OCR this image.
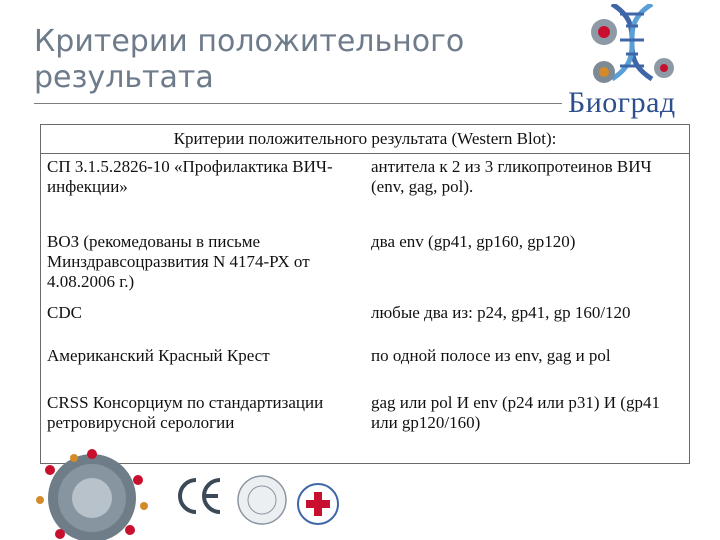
Критерии положительного результата
Биоград
Критерии положительного результата (Western Blot):
СП 3.1.5.2826-10 «Профилактика ВИЧ-инфекции»
антитела к 2 из 3 гликопротеинов ВИЧ (env, gag, pol).
ВОЗ (рекомедованы в письме Минздравсоцразвития N 4174-РХ от 4.08.2006 г.)
два env (gp41, gp160, gp120)
CDC	любые два из: р24, gp41, gp 160/120
Американский Красный Крест	по одной полосе из env, gag и pol
CRSS Консорциум по стандартизации ретровирусной серологии
gag или pol И env (р24 или р31) И (gp41 или gp120/160)
